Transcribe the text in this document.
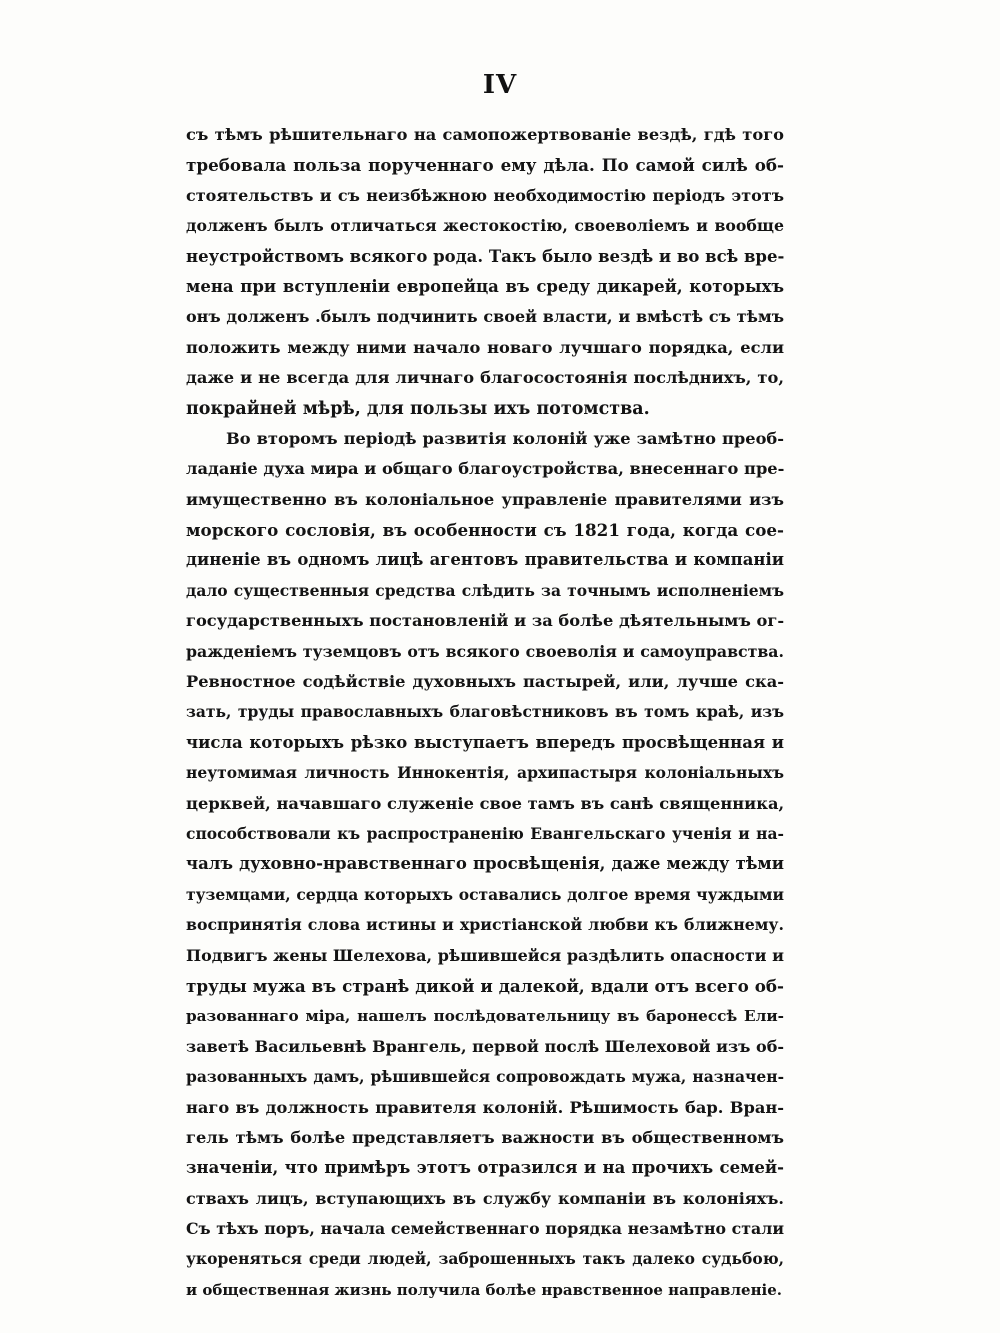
IV
съ тѣмъ рѣшительнаго на самопожертвованіе вездѣ, гдѣ того
требовала польза порученнаго ему дѣла. По самой силѣ об-
стоятельствъ и съ неизбѣжною необходимостію періодъ этотъ
долженъ былъ отличаться жестокостію, своеволіемъ и вообще
неустройствомъ всякого рода. Такъ было вездѣ и во всѣ вре-
мена при вступленіи европейца въ среду дикарей, которыхъ
онъ долженъ .былъ подчинить своей власти, и вмѣстѣ съ тѣмъ
положить между ними начало новаго лучшаго порядка, если
даже и не всегда для личнаго благосостоянія послѣднихъ, то,
покрайней мѣрѣ, для пользы ихъ потомства.
Во второмъ періодѣ развитія колоній уже замѣтно преоб-
ладаніе духа мира и общаго благоустройства, внесеннаго пре-
имущественно въ колоніальное управленіе правителями изъ
морского сословія, въ особенности съ 1821 года, когда сое-
диненіе въ одномъ лицѣ агентовъ правительства и компаніи
дало существенныя средства слѣдить за точнымъ исполненіемъ
государственныхъ постановленій и за болѣе дѣятельнымъ ог-
ражденіемъ туземцовъ отъ всякого своеволія и самоуправства.
Ревностное содѣйствіе духовныхъ пастырей, или, лучше ска-
зать, труды православныхъ благовѣстниковъ въ томъ краѣ, изъ
числа которыхъ рѣзко выступаетъ впередъ просвѣщенная и
неутомимая личность Иннокентія, архипастыря колоніальныхъ
церквей, начавшаго служеніе свое тамъ въ санѣ священника,
способствовали къ распространенію Евангельскаго ученія и на-
чалъ духовно-нравственнаго просвѣщенія, даже между тѣми
туземцами, сердца которыхъ оставались долгое время чуждыми
воспринятія слова истины и христіанской любви къ ближнему.
Подвигъ жены Шелехова, рѣшившейся раздѣлить опасности и
труды мужа въ странѣ дикой и далекой, вдали отъ всего об-
разованнаго міра, нашелъ послѣдовательницу въ баронессѣ Ели-
заветѣ Васильевнѣ Врангель, первой послѣ Шелеховой изъ об-
разованныхъ дамъ, рѣшившейся сопровождать мужа, назначен-
наго въ должность правителя колоній. Рѣшимость бар. Вран-
гель тѣмъ болѣе представляетъ важности въ общественномъ
значеніи, что примѣръ этотъ отразился и на прочихъ семей-
ствахъ лицъ, вступающихъ въ службу компаніи въ колоніяхъ.
Съ тѣхъ поръ, начала семейственнаго порядка незамѣтно стали
укореняться среди людей, заброшенныхъ такъ далеко судьбою,
и общественная жизнь получила болѣе нравственное направленіе.
